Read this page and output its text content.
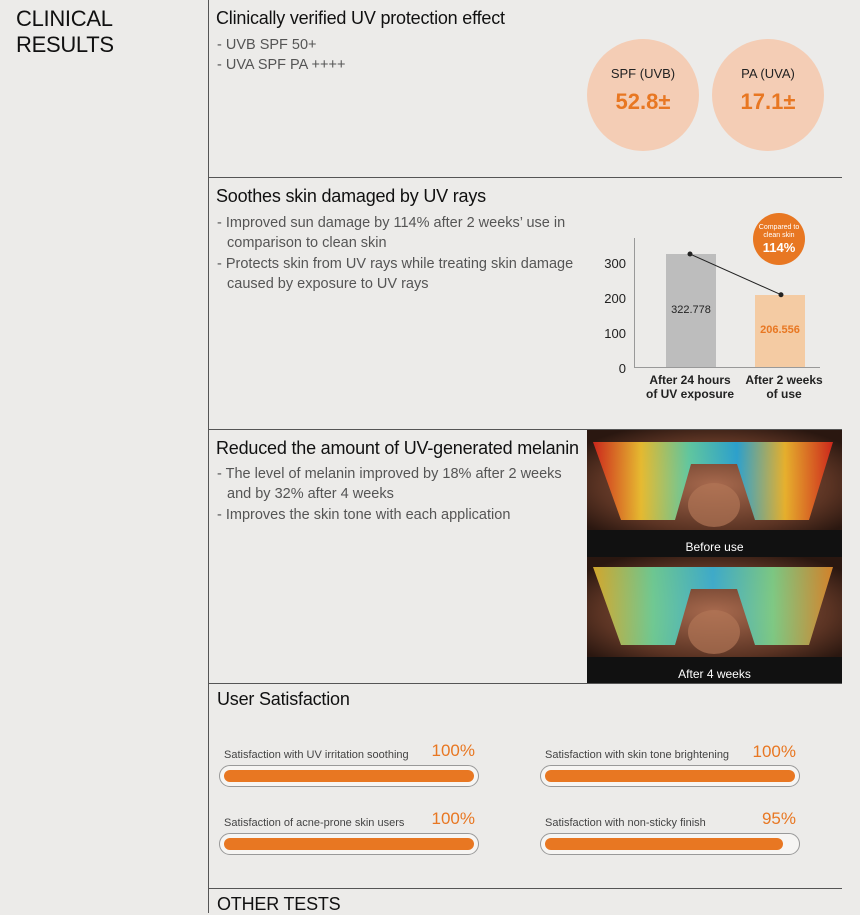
CLINICAL
RESULTS
Clinically verified UV protection effect
- UVB SPF 50+
- UVA SPF PA ++++
SPF (UVB)
52.8±
PA (UVA)
17.1±
Soothes skin damaged by UV rays
- Improved sun damage by 114% after 2 weeks’ use in
comparison to clean skin
- Protects skin from UV rays while treating skin damage
caused by exposure to UV rays
300
200
100
0
322.778
206.556
After 24 hours
of UV exposure
After 2 weeks
of use
Compared to
clean skin
114%
Reduced the amount of UV-generated melanin
- The level of melanin improved by 18% after 2 weeks
and by 32% after 4 weeks
- Improves the skin tone with each application
Before use
After 4 weeks
User Satisfaction
Satisfaction with UV irritation soothing	100%	Satisfaction with skin tone brightening	100%
Satisfaction of acne-prone skin users	100%	Satisfaction with non-sticky finish	95%
OTHER TESTS
